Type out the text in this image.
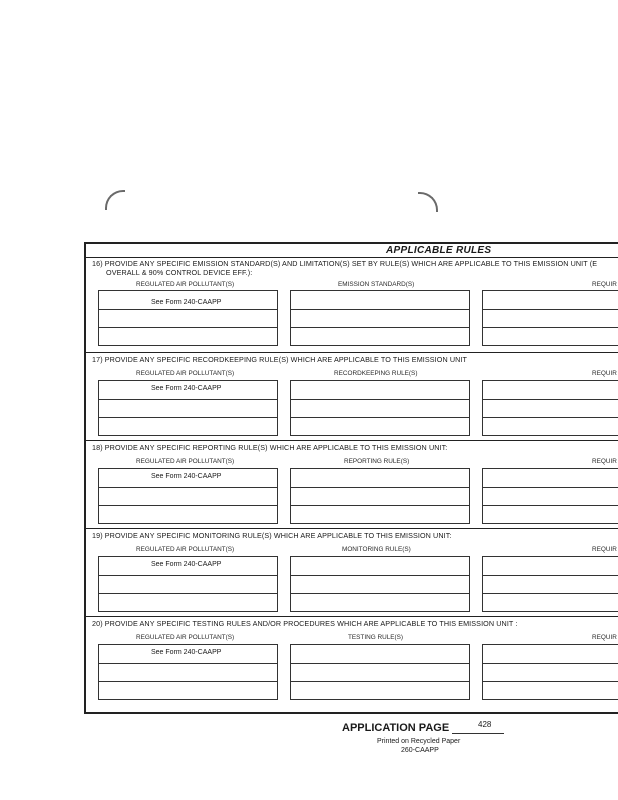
APPLICABLE RULES
16) PROVIDE ANY SPECIFIC EMISSION STANDARD(S) AND LIMITATION(S) SET BY RULE(S) WHICH ARE APPLICABLE TO THIS EMISSION UNIT (E
OVERALL & 90% CONTROL DEVICE EFF.):
REGULATED AIR POLLUTANT(S)	EMISSION STANDARD(S)	REQUIR
See Form 240-CAAPP
17) PROVIDE ANY SPECIFIC RECORDKEEPING RULE(S) WHICH ARE APPLICABLE TO THIS EMISSION UNIT
REGULATED AIR POLLUTANT(S)	RECORDKEEPING RULE(S)	REQUIR
See Form 240-CAAPP
18) PROVIDE ANY SPECIFIC REPORTING RULE(S) WHICH ARE APPLICABLE TO THIS EMISSION UNIT:
REGULATED AIR POLLUTANT(S)	REPORTING RULE(S)	REQUIR
See Form 240-CAAPP
19) PROVIDE ANY SPECIFIC MONITORING RULE(S) WHICH ARE APPLICABLE TO THIS EMISSION UNIT:
REGULATED AIR POLLUTANT(S)	MONITORING RULE(S)	REQUIR
See Form 240-CAAPP
20) PROVIDE ANY SPECIFIC TESTING RULES AND/OR PROCEDURES WHICH ARE APPLICABLE TO THIS EMISSION UNIT :
REGULATED AIR POLLUTANT(S)	TESTING RULE(S)	REQUIR
See Form 240-CAAPP
APPLICATION PAGE	428
Printed on Recycled Paper
260-CAAPP
